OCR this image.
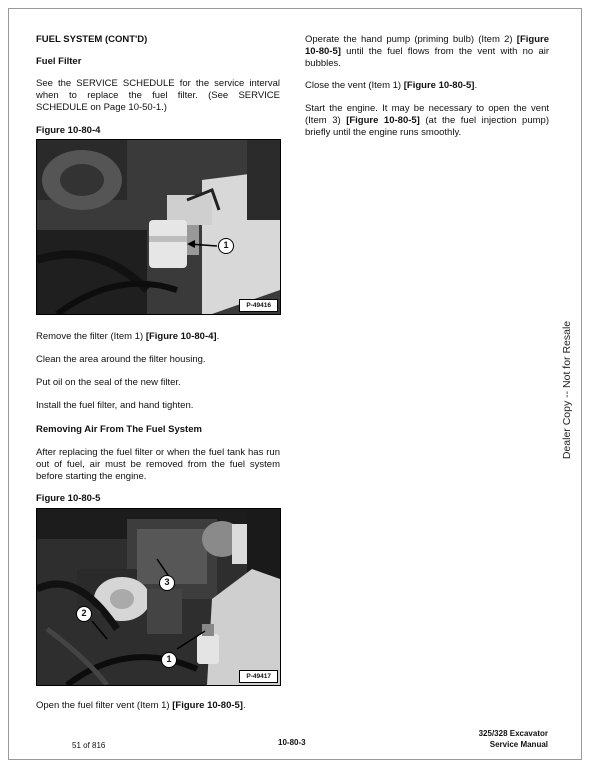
FUEL SYSTEM (CONT'D)
Fuel Filter
See the SERVICE SCHEDULE for the service interval when to replace the fuel filter. (See SERVICE SCHEDULE on Page 10-50-1.)
Figure 10-80-4
1
P-49416
Remove the filter (Item 1) [Figure 10-80-4].
Clean the area around the filter housing.
Put oil on the seal of the new filter.
Install the fuel filter, and hand tighten.
Removing Air From The Fuel System
After replacing the fuel filter or when the fuel tank has run out of fuel, air must be removed from the fuel system before starting the engine.
Figure 10-80-5
3
2
1
P-49417
Open the fuel filter vent (Item 1) [Figure 10-80-5].
Operate the hand pump (priming bulb) (Item 2) [Figure 10-80-5] until the fuel flows from the vent with no air bubbles.
Close the vent (Item 1) [Figure 10-80-5].
Start the engine. It may be necessary to open the vent (Item 3) [Figure 10-80-5] (at the fuel injection pump) briefly until the engine runs smoothly.
Dealer Copy -- Not for Resale
51 of 816	10-80-3
325/328 Excavator
Service Manual
